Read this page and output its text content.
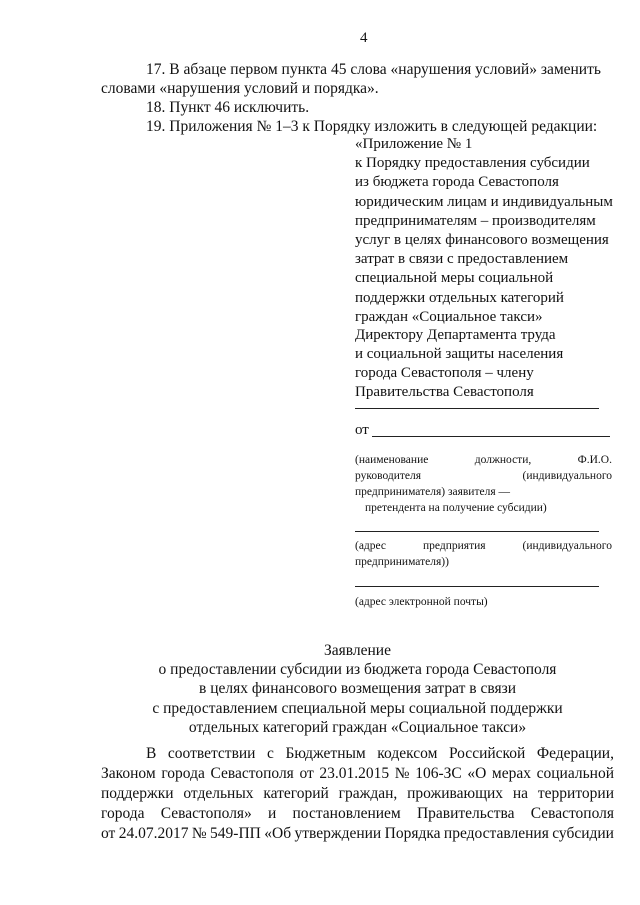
4
17. В абзаце первом пункта 45 слова «нарушения условий» заменить
словами «нарушения условий и порядка».
18. Пункт 46 исключить.
19. Приложения № 1–3 к Порядку изложить в следующей редакции:
«Приложение № 1
к Порядку предоставления субсидии
из бюджета города Севастополя
юридическим лицам и индивидуальным
предпринимателям – производителям
услуг в целях финансового возмещения
затрат в связи с предоставлением
специальной меры социальной
поддержки отдельных категорий
граждан «Социальное такси»
Директору Департамента труда
и социальной защиты населения
города Севастополя – члену
Правительства Севастополя
от
(наименование	должности,	Ф.И.О.
руководителя	(индивидуального
предпринимателя) заявителя —
претендента на получение субсидии)
(адрес	предприятия	(индивидуального
предпринимателя))
(адрес электронной почты)
Заявление
о предоставлении субсидии из бюджета города Севастополя
в целях финансового возмещения затрат в связи
с предоставлением специальной меры социальной поддержки
отдельных категорий граждан «Социальное такси»
В соответствии с Бюджетным кодексом Российской Федерации,
Законом города Севастополя от 23.01.2015 № 106-ЗС «О мерах социальной
поддержки отдельных категорий граждан, проживающих на территории
города Севастополя» и постановлением Правительства Севастополя
от 24.07.2017 № 549-ПП «Об утверждении Порядка предоставления субсидии
